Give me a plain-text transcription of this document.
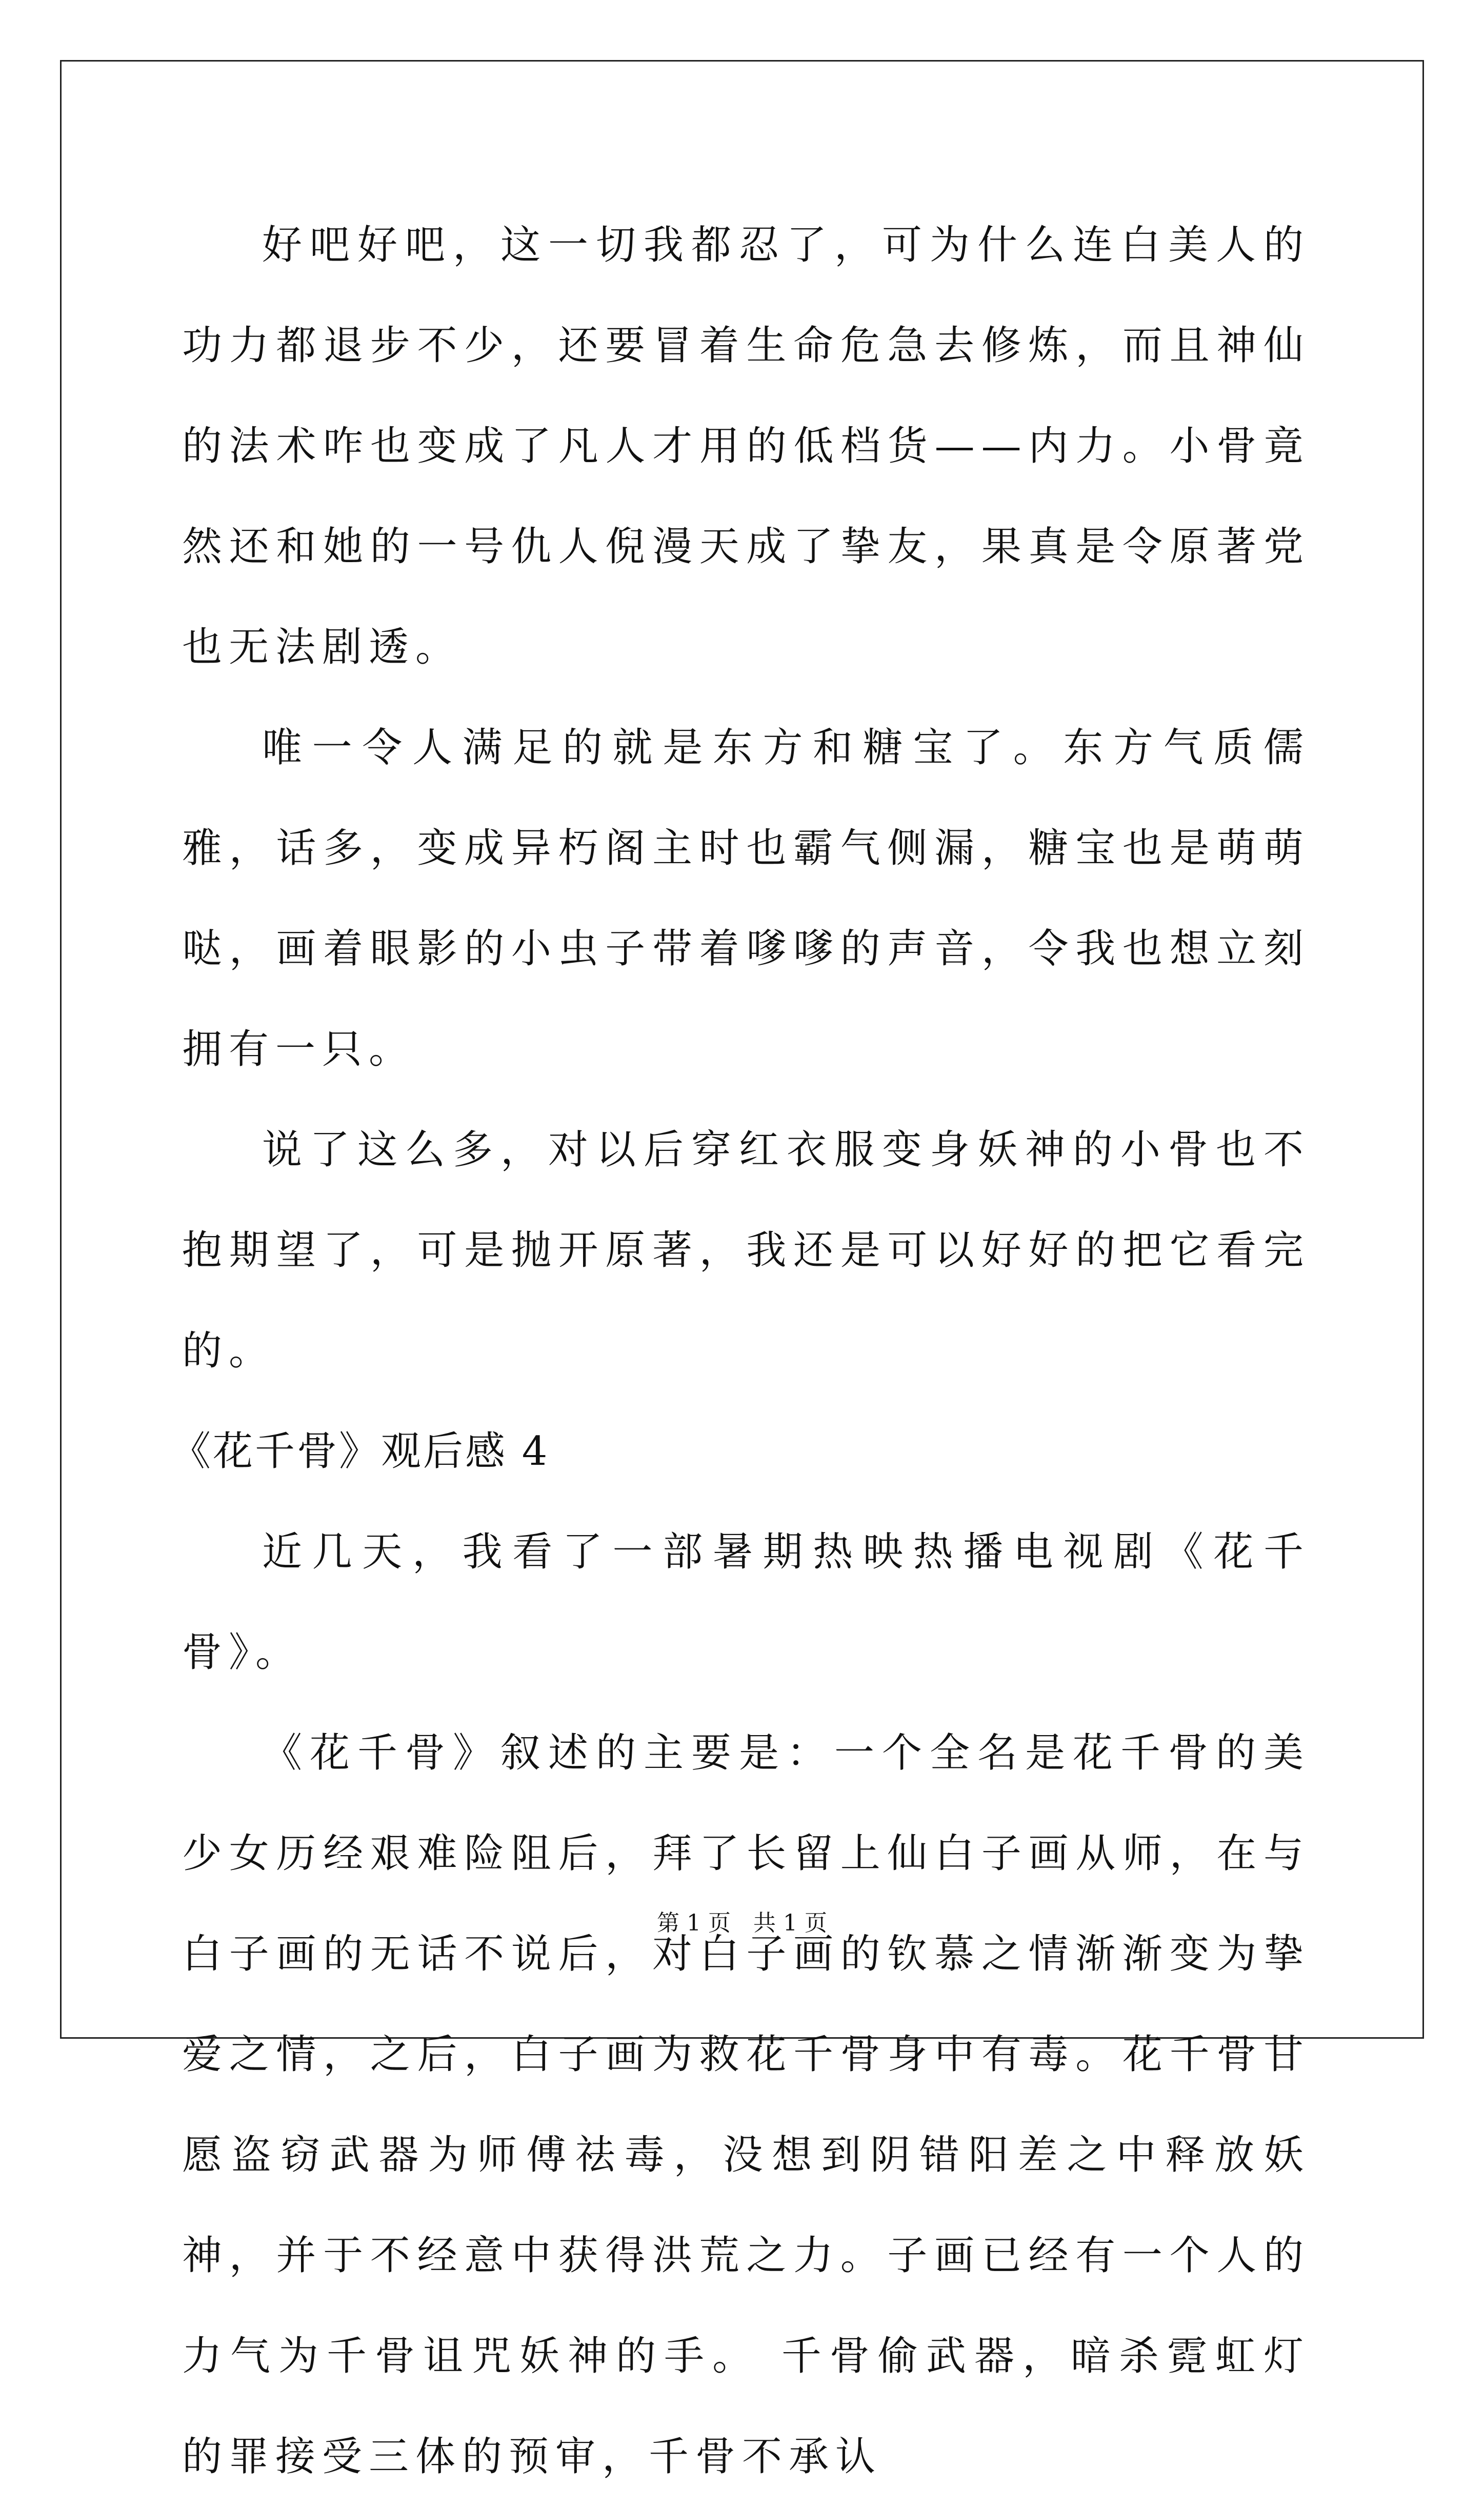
好吧好吧，这一切我都忍了，可为什么连白美人的功力都退步不少，还要冒着生命危急去修炼，而且神仙的法术咋也变成了凡人才用的低档货——内力。小骨竟然还和她的一号仇人倪漫天成了挚友，果真是令原著党也无法剧透。

唯一令人满足的就是东方和糖宝了。东方气质儒雅，话多，变成异朽阁主时也霸气侧漏，糖宝也是萌萌哒，画着眼影的小虫子带着嗲嗲的声音，令我也想立刻拥有一只。

说了这么多，对以后穿红衣服变身妖神的小骨也不抱期望了，可是抛开原著，我还是可以好好的把它看完的。

《花千骨》观后感 4

近几天，我看了一部暑期热映热播电视剧《花千骨》。

《花千骨》叙述的主要是：一个全名是花千骨的美少女历经艰难险阻后，拜了长留上仙白子画从师，在与白子画的无话不说后，对白子画的钦慕之情渐渐变为挚爱之情，之后，白子画为救花千骨身中有毒。花千骨甘愿盗窃武器为师傅祛毒，没想到阴错阳差之中释放妖神，并于不经意中获得洪荒之力。子画已经有一个人的力气为千骨诅咒妖神的手。 千骨偷武器，暗杀霓虹灯的罪接受三体的预审，千骨不承认

第 1 页 共 1 页
